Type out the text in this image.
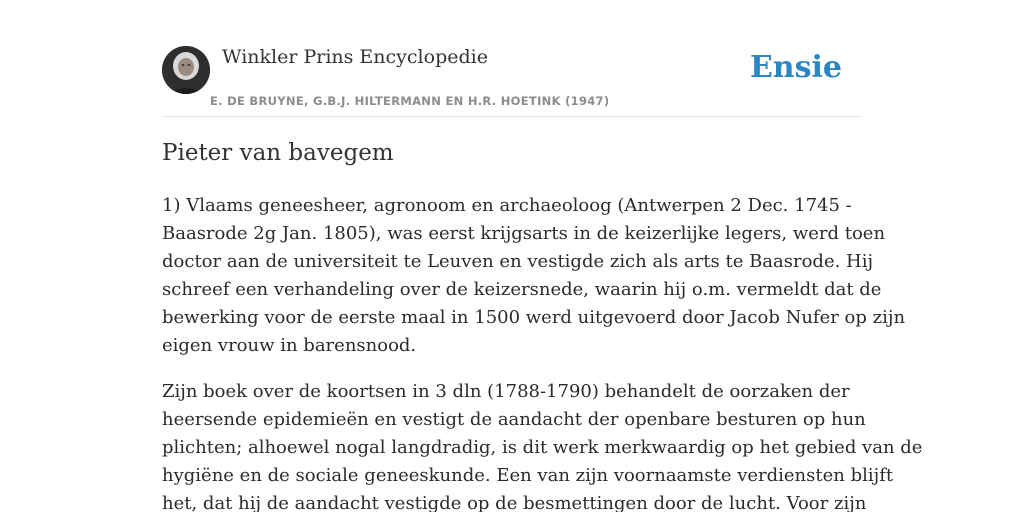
Winkler Prins Encyclopedie
E. DE BRUYNE, G.B.J. HILTERMANN EN H.R. HOETINK (1947)
Ensie
Pieter van bavegem

1) Vlaams geneesheer, agronoom en archaeoloog (Antwerpen 2 Dec. 1745 -
Baasrode 2g Jan. 1805), was eerst krijgsarts in de keizerlijke legers, werd toen
doctor aan de universiteit te Leuven en vestigde zich als arts te Baasrode. Hij
schreef een verhandeling over de keizersnede, waarin hij o.m. vermeldt dat de
bewerking voor de eerste maal in 1500 werd uitgevoerd door Jacob Nufer op zijn
eigen vrouw in barensnood.

Zijn boek over de koortsen in 3 dln (1788-1790) behandelt de oorzaken der
heersende epidemieën en vestigt de aandacht der openbare besturen op hun
plichten; alhoewel nogal langdradig, is dit werk merkwaardig op het gebied van de
hygiëne en de sociale geneeskunde. Een van zijn voornaamste verdiensten blijft
het, dat hij de aandacht vestigde op de besmettingen door de lucht. Voor zijn
